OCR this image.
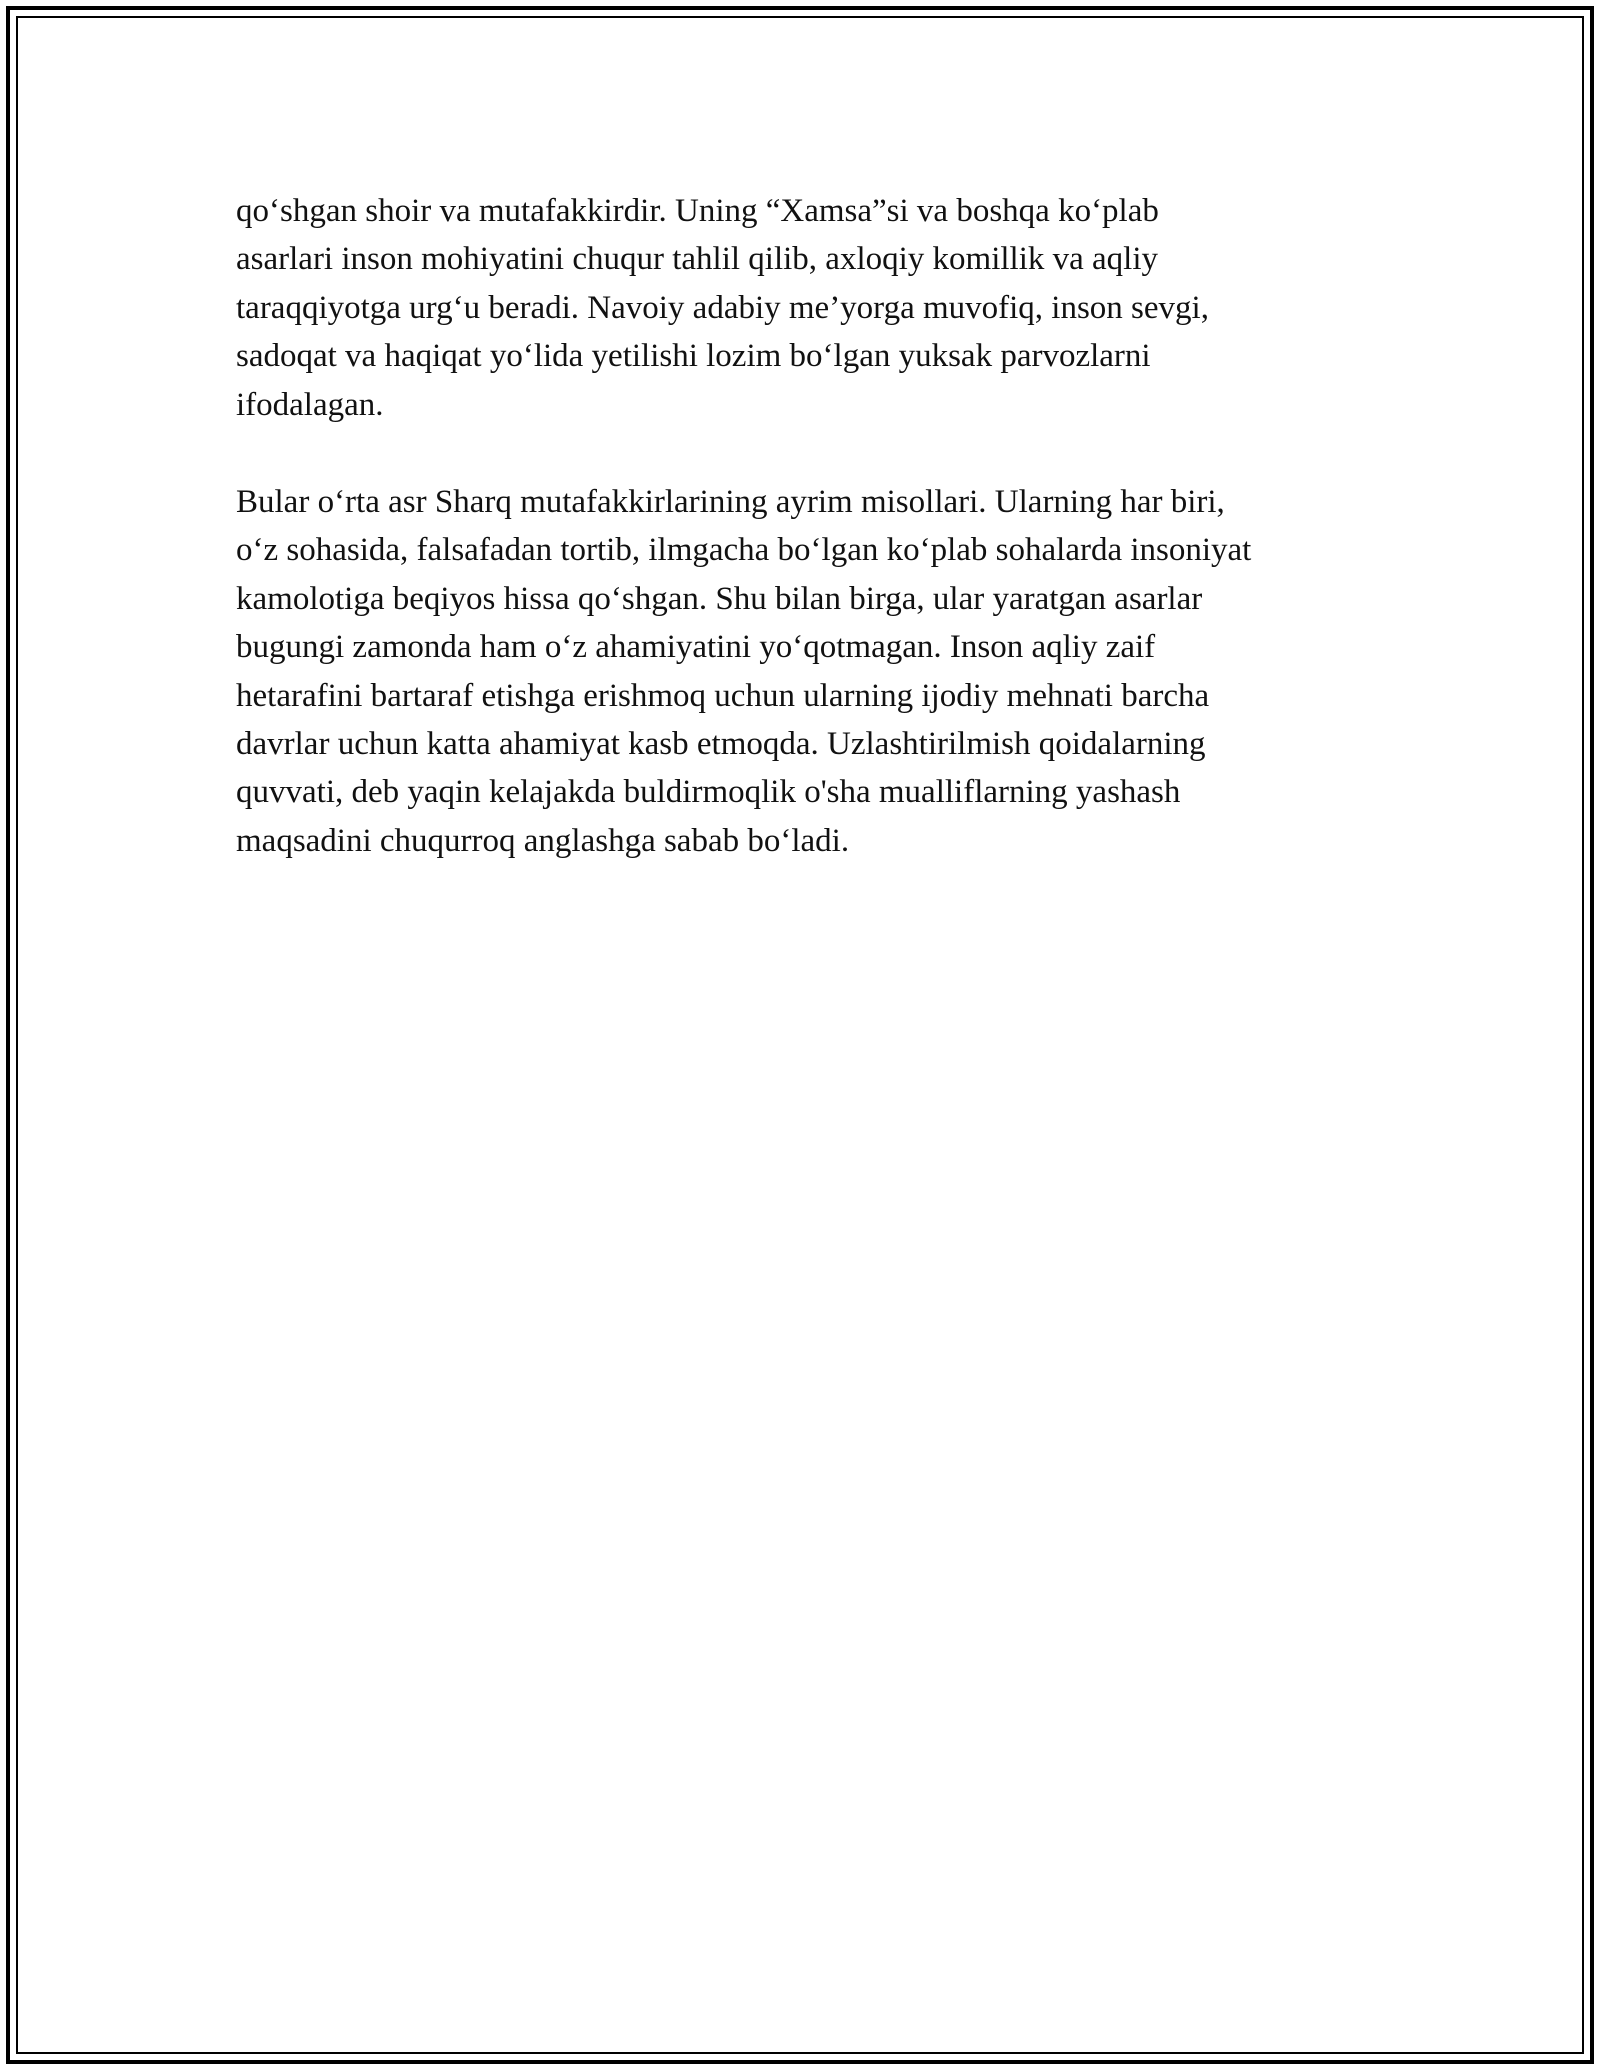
qo‘shgan shoir va mutafakkirdir. Uning “Xamsa”si va boshqa ko‘plab
asarlari inson mohiyatini chuqur tahlil qilib, axloqiy komillik va aqliy
taraqqiyotga urg‘u beradi. Navoiy adabiy me’yorga muvofiq, inson sevgi,
sadoqat va haqiqat yo‘lida yetilishi lozim bo‘lgan yuksak parvozlarni
ifodalagan.

Bular o‘rta asr Sharq mutafakkirlarining ayrim misollari. Ularning har biri,
o‘z sohasida, falsafadan tortib, ilmgacha bo‘lgan ko‘plab sohalarda insoniyat
kamolotiga beqiyos hissa qo‘shgan. Shu bilan birga, ular yaratgan asarlar
bugungi zamonda ham o‘z ahamiyatini yo‘qotmagan. Inson aqliy zaif
hetarafini bartaraf etishga erishmoq uchun ularning ijodiy mehnati barcha
davrlar uchun katta ahamiyat kasb etmoqda. Uzlashtirilmish qoidalarning
quvvati, deb yaqin kelajakda buldirmoqlik o'sha mualliflarning yashash
maqsadini chuqurroq anglashga sabab bo‘ladi.
